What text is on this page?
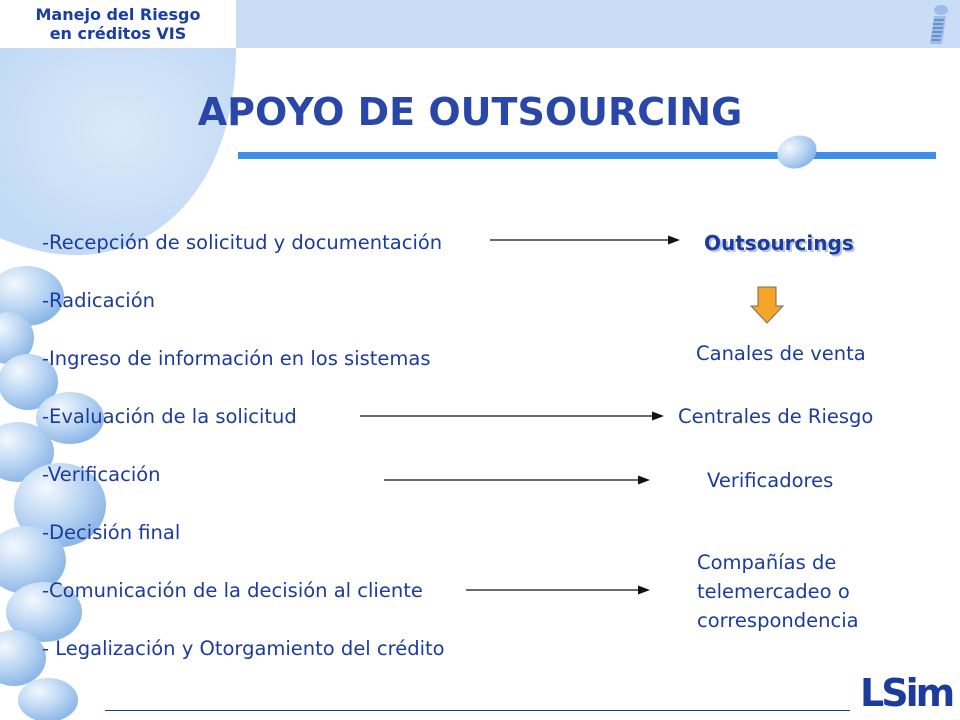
Manejo del Riesgo
en créditos VIS
APOYO DE OUTSOURCING
-Recepción de solicitud y documentación
-Radicación
-Ingreso de información en los sistemas
-Evaluación de la solicitud
-Verificación
-Decisión final
-Comunicación de la decisión al cliente
- Legalización y Otorgamiento del crédito
Outsourcings
Canales de venta
Centrales de Riesgo
Verificadores
Compañías de
telemercadeo o
correspondencia
LSim
